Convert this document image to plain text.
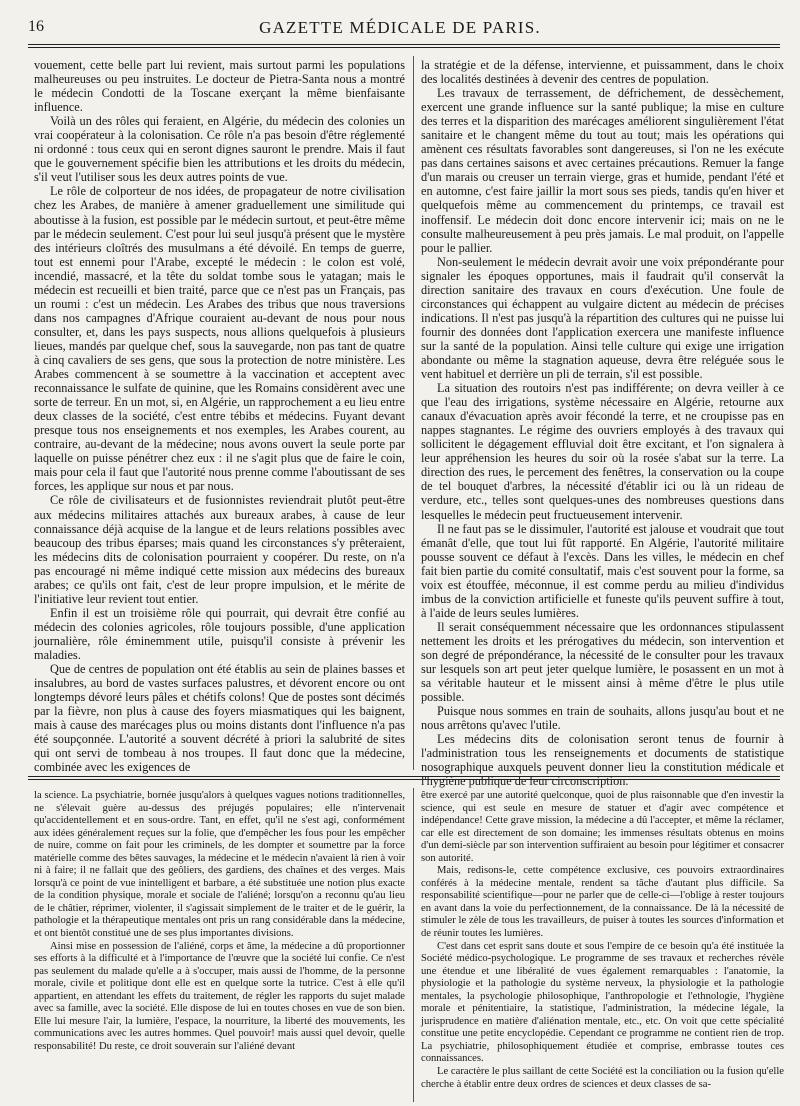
16	GAZETTE MÉDICALE DE PARIS.

vouement, cette belle part lui revient, mais surtout parmi les populations malheureuses ou peu instruites. Le docteur de Pietra-Santa nous a montré le médecin Condotti de la Toscane exerçant la même bienfaisante influence.

Voilà un des rôles qui feraient, en Algérie, du médecin des colonies un vrai coopérateur à la colonisation. Ce rôle n'a pas besoin d'être réglementé ni ordonné : tous ceux qui en seront dignes sauront le prendre. Mais il faut que le gouvernement spécifie bien les attributions et les droits du médecin, s'il veut l'utiliser sous les deux autres points de vue.

Le rôle de colporteur de nos idées, de propagateur de notre civilisation chez les Arabes, de manière à amener graduellement une similitude qui aboutisse à la fusion, est possible par le médecin surtout, et peut-être même par le médecin seulement. C'est pour lui seul jusqu'à présent que le mystère des intérieurs cloîtrés des musulmans a été dévoilé. En temps de guerre, tout est ennemi pour l'Arabe, excepté le médecin : le colon est volé, incendié, massacré, et la tête du soldat tombe sous le yatagan; mais le médecin est recueilli et bien traité, parce que ce n'est pas un Français, pas un roumi : c'est un médecin. Les Arabes des tribus que nous traversions dans nos campagnes d'Afrique couraient au-devant de nous pour nous consulter, et, dans les pays suspects, nous allions quelquefois à plusieurs lieues, mandés par quelque chef, sous la sauvegarde, non pas tant de quatre à cinq cavaliers de ses gens, que sous la protection de notre ministère. Les Arabes commencent à se soumettre à la vaccination et acceptent avec reconnaissance le sulfate de quinine, que les Romains considèrent avec une sorte de terreur. En un mot, si, en Algérie, un rapprochement a eu lieu entre deux classes de la société, c'est entre tébibs et médecins. Fuyant devant presque tous nos enseignements et nos exemples, les Arabes courent, au contraire, au-devant de la médecine; nous avons ouvert la seule porte par laquelle on puisse pénétrer chez eux : il ne s'agit plus que de faire le coin, mais pour cela il faut que l'autorité nous prenne comme l'aboutissant de ses forces, les applique sur nous et par nous.

Ce rôle de civilisateurs et de fusionnistes reviendrait plutôt peut-être aux médecins militaires attachés aux bureaux arabes, à cause de leur connaissance déjà acquise de la langue et de leurs relations possibles avec beaucoup des tribus éparses; mais quand les circonstances s'y prêteraient, les médecins dits de colonisation pourraient y coopérer. Du reste, on n'a pas encouragé ni même indiqué cette mission aux médecins des bureaux arabes; ce qu'ils ont fait, c'est de leur propre impulsion, et le mérite de l'initiative leur revient tout entier.

Enfin il est un troisième rôle qui pourrait, qui devrait être confié au médecin des colonies agricoles, rôle toujours possible, d'une application journalière, rôle éminemment utile, puisqu'il consiste à prévenir les maladies.

Que de centres de population ont été établis au sein de plaines basses et insalubres, au bord de vastes surfaces palustres, et dévorent encore ou ont longtemps dévoré leurs pâles et chétifs colons! Que de postes sont décimés par la fièvre, non plus à cause des foyers miasmatiques qui les baignent, mais à cause des marécages plus ou moins distants dont l'influence n'a pas été soupçonnée. L'autorité a souvent décrété à priori la salubrité de sites qui ont servi de tombeau à nos troupes. Il faut donc que la médecine, combinée avec les exigences de

la stratégie et de la défense, intervienne, et puissamment, dans le choix des localités destinées à devenir des centres de population.

Les travaux de terrassement, de défrichement, de dessèchement, exercent une grande influence sur la santé publique; la mise en culture des terres et la disparition des marécages améliorent singulièrement l'état sanitaire et le changent même du tout au tout; mais les opérations qui amènent ces résultats favorables sont dangereuses, si l'on ne les exécute pas dans certaines saisons et avec certaines précautions. Remuer la fange d'un marais ou creuser un terrain vierge, gras et humide, pendant l'été et en automne, c'est faire jaillir la mort sous ses pieds, tandis qu'en hiver et quelquefois même au commencement du printemps, ce travail est inoffensif. Le médecin doit donc encore intervenir ici; mais on ne le consulte malheureusement à peu près jamais. Le mal produit, on l'appelle pour le pallier.

Non-seulement le médecin devrait avoir une voix prépondérante pour signaler les époques opportunes, mais il faudrait qu'il conservât la direction sanitaire des travaux en cours d'exécution. Une foule de circonstances qui échappent au vulgaire dictent au médecin de précises indications. Il n'est pas jusqu'à la répartition des cultures qui ne puisse lui fournir des données dont l'application exercera une manifeste influence sur la santé de la population. Ainsi telle culture qui exige une irrigation abondante ou même la stagnation aqueuse, devra être reléguée sous le vent habituel et derrière un pli de terrain, s'il est possible.

La situation des routoirs n'est pas indifférente; on devra veiller à ce que l'eau des irrigations, système nécessaire en Algérie, retourne aux canaux d'évacuation après avoir fécondé la terre, et ne croupisse pas en nappes stagnantes. Le régime des ouvriers employés à des travaux qui sollicitent le dégagement effluvial doit être excitant, et l'on signalera à leur appréhension les heures du soir où la rosée s'abat sur la terre. La direction des rues, le percement des fenêtres, la conservation ou la coupe de tel bouquet d'arbres, la nécessité d'établir ici ou là un rideau de verdure, etc., telles sont quelques-unes des nombreuses questions dans lesquelles le médecin peut fructueusement intervenir.

Il ne faut pas se le dissimuler, l'autorité est jalouse et voudrait que tout émanât d'elle, que tout lui fût rapporté. En Algérie, l'autorité militaire pousse souvent ce défaut à l'excès. Dans les villes, le médecin en chef fait bien partie du comité consultatif, mais c'est souvent pour la forme, sa voix est étouffée, méconnue, il est comme perdu au milieu d'individus imbus de la conviction artificielle et funeste qu'ils peuvent suffire à tout, à l'aide de leurs seules lumières.

Il serait conséquemment nécessaire que les ordonnances stipulassent nettement les droits et les prérogatives du médecin, son intervention et son degré de prépondérance, la nécessité de le consulter pour les travaux sur lesquels son art peut jeter quelque lumière, le posassent en un mot à sa véritable hauteur et le missent ainsi à même d'être le plus utile possible.

Puisque nous sommes en train de souhaits, allons jusqu'au bout et ne nous arrêtons qu'avec l'utile.

Les médecins dits de colonisation seront tenus de fournir à l'administration tous les renseignements et documents de statistique nosographique auxquels peuvent donner lieu la constitution médicale et l'hygiène publique de leur circonscription.

la science. La psychiatrie, bornée jusqu'alors à quelques vagues notions traditionnelles, ne s'élevait guère au-dessus des préjugés populaires; elle n'intervenait qu'accidentellement et en sous-ordre. Tant, en effet, qu'il ne s'est agi, conformément aux idées généralement reçues sur la folie, que d'empêcher les fous pour les empêcher de nuire, comme on fait pour les criminels, de les dompter et soumettre par la force matérielle comme des bêtes sauvages, la médecine et le médecin n'avaient là rien à voir ni à faire; il ne fallait que des geôliers, des gardiens, des chaînes et des verges. Mais lorsqu'à ce point de vue inintelligent et barbare, a été substituée une notion plus exacte de la condition physique, morale et sociale de l'aliéné; lorsqu'on a reconnu qu'au lieu de le châtier, réprimer, violenter, il s'agissait simplement de le traiter et de le guérir, la pathologie et la thérapeutique mentales ont pris un rang considérable dans la médecine, et ont bientôt constitué une de ses plus importantes divisions.

Ainsi mise en possession de l'aliéné, corps et âme, la médecine a dû proportionner ses efforts à la difficulté et à l'importance de l'œuvre que la société lui confie. Ce n'est pas seulement du malade qu'elle a à s'occuper, mais aussi de l'homme, de la personne morale, civile et politique dont elle est en quelque sorte la tutrice. C'est à elle qu'il appartient, en attendant les effets du traitement, de régler les rapports du sujet malade avec sa famille, avec la société. Elle dispose de lui en toutes choses en vue de son bien. Elle lui mesure l'air, la lumière, l'espace, la nourriture, la liberté des mouvements, les communications avec les autres hommes. Quel pouvoir! mais aussi quel devoir, quelle responsabilité! Du reste, ce droit souverain sur l'aliéné devant

être exercé par une autorité quelconque, quoi de plus raisonnable que d'en investir la science, qui est seule en mesure de statuer et d'agir avec compétence et indépendance! Cette grave mission, la médecine a dû l'accepter, et même la réclamer, car elle est directement de son domaine; les immenses résultats obtenus en moins d'un demi-siècle par son intervention suffiraient au besoin pour légitimer et consacrer son autorité.

Mais, redisons-le, cette compétence exclusive, ces pouvoirs extraordinaires conférés à la médecine mentale, rendent sa tâche d'autant plus difficile. Sa responsabilité scientifique—pour ne parler que de celle-ci—l'oblige à rester toujours en avant dans la voie du perfectionnement, de la connaissance. De là la nécessité de stimuler le zèle de tous les travailleurs, de puiser à toutes les sources d'information et de réunir toutes les lumières.

C'est dans cet esprit sans doute et sous l'empire de ce besoin qu'a été instituée la Société médico-psychologique. Le programme de ses travaux et recherches révèle une étendue et une libéralité de vues également remarquables : l'anatomie, la physiologie et la pathologie du système nerveux, la physiologie et la pathologie mentales, la psychologie philosophique, l'anthropologie et l'ethnologie, l'hygiène morale et pénitentiaire, la statistique, l'administration, la médecine légale, la jurisprudence en matière d'aliénation mentale, etc., etc. On voit que cette spécialité constitue une petite encyclopédie. Cependant ce programme ne contient rien de trop. La psychiatrie, philosophiquement étudiée et comprise, embrasse toutes ces connaissances.

Le caractère le plus saillant de cette Société est la conciliation ou la fusion qu'elle cherche à établir entre deux ordres de sciences et deux classes de sa-
